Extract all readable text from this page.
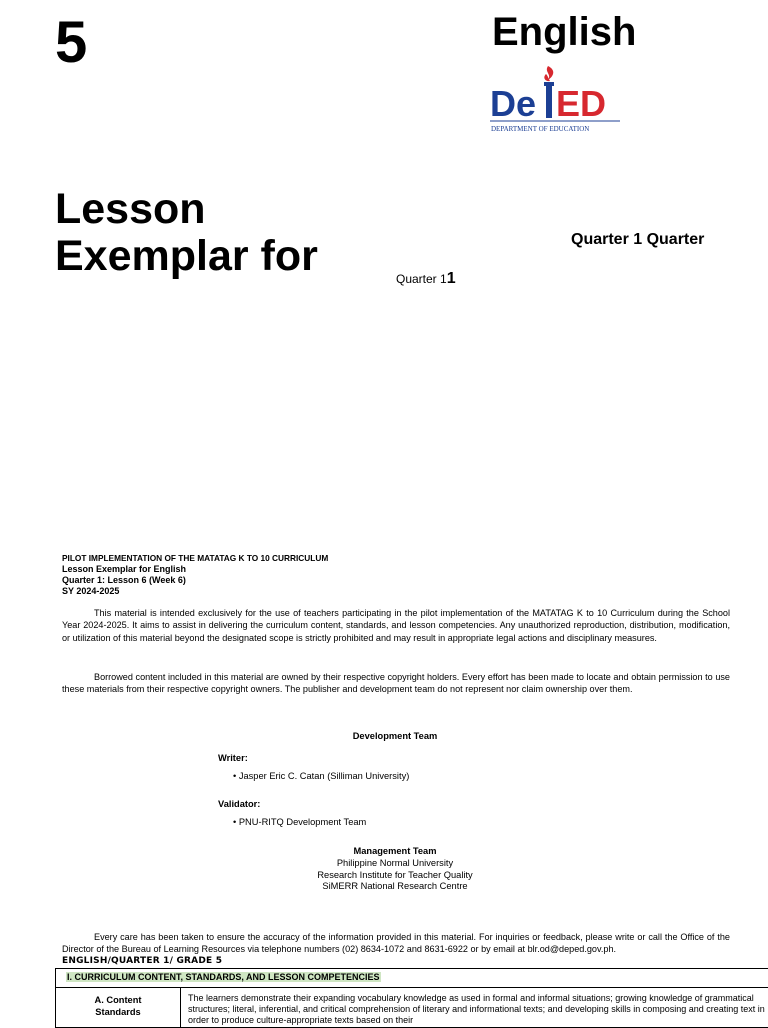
5	English
De ED
DEPARTMENT OF EDUCATION
Lesson
Exemplar for	Quarter 1 Quarter
Quarter 11
PILOT IMPLEMENTATION OF THE MATATAG K TO 10 CURRICULUM
Lesson Exemplar for English
Quarter 1: Lesson 6 (Week 6)
SY 2024-2025
This material is intended exclusively for the use of teachers participating in the pilot implementation of the MATATAG K to 10 Curriculum during the School Year 2024-2025. It aims to assist in delivering the curriculum content, standards, and lesson competencies. Any unauthorized reproduction, distribution, modification, or utilization of this material beyond the designated scope is strictly prohibited and may result in appropriate legal actions and disciplinary measures.
Borrowed content included in this material are owned by their respective copyright holders. Every effort has been made to locate and obtain permission to use these materials from their respective copyright owners. The publisher and development team do not represent nor claim ownership over them.
Development Team
Writer:
• Jasper Eric C. Catan (Silliman University)
Validator:
• PNU-RITQ Development Team
Management Team
Philippine Normal University
Research Institute for Teacher Quality
SiMERR National Research Centre
Every care has been taken to ensure the accuracy of the information provided in this material. For inquiries or feedback, please write or call the Office of the Director of the Bureau of Learning Resources via telephone numbers (02) 8634-1072 and 8631-6922 or by email at blr.od@deped.gov.ph.
ENGLISH/QUARTER 1/ GRADE 5
I. CURRICULUM CONTENT, STANDARDS, AND LESSON COMPETENCIES
A. Content
Standards
The learners demonstrate their expanding vocabulary knowledge as used in formal and informal situations; growing knowledge of grammatical structures; literal, inferential, and critical comprehension of literary and informational texts; and developing skills in composing and creating text in order to produce culture-appropriate texts based on their
